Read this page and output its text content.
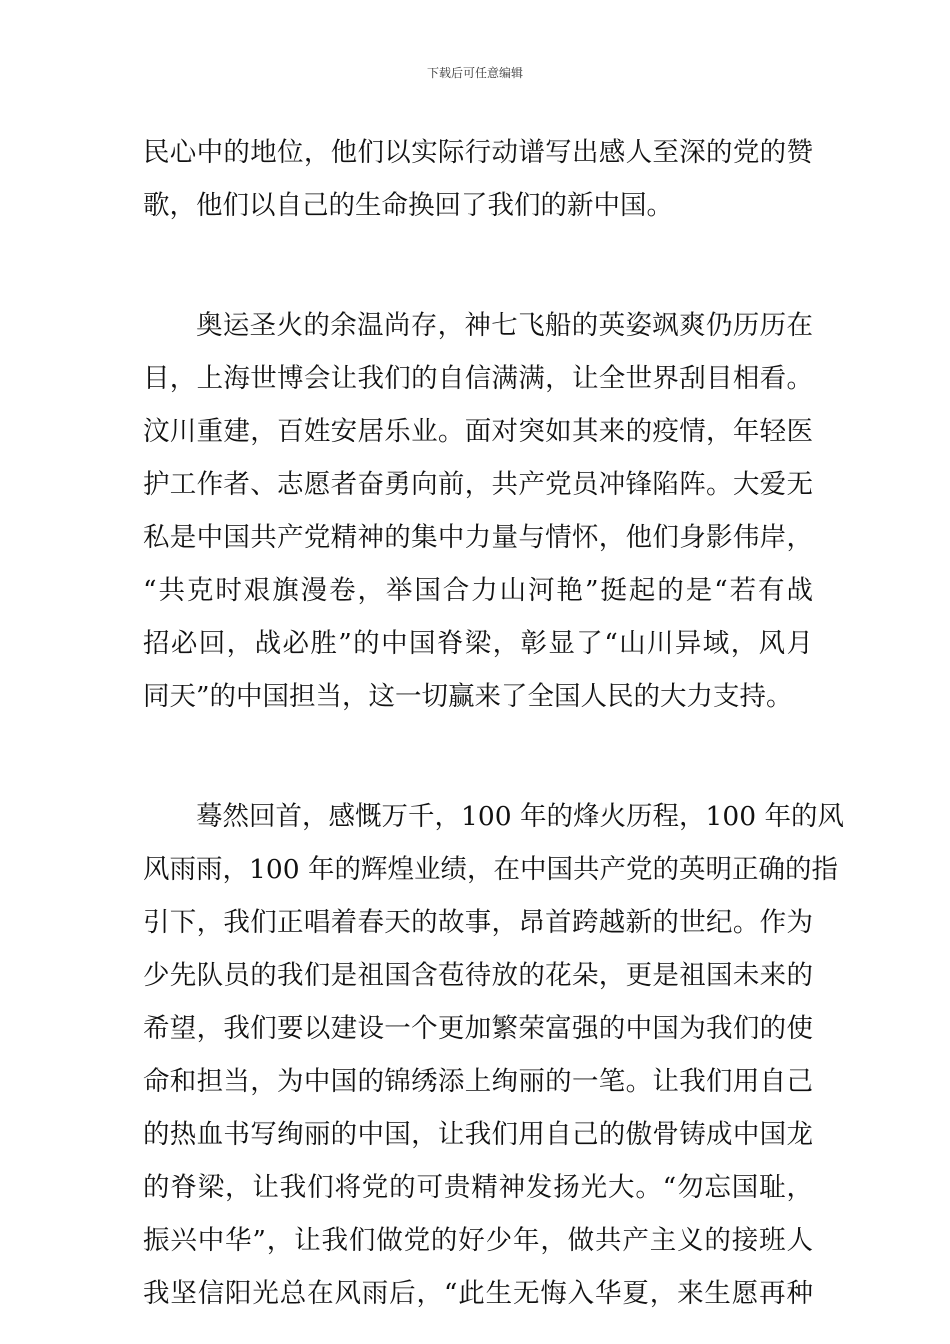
下载后可任意编辑
民心中的地位，他们以实际行动谱写出感人至深的党的赞
歌，他们以自己的生命换回了我们的新中国。
奥运圣火的余温尚存，神七飞船的英姿飒爽仍历历在
目，上海世博会让我们的自信满满，让全世界刮目相看。
汶川重建，百姓安居乐业。面对突如其来的疫情，年轻医
护工作者、志愿者奋勇向前，共产党员冲锋陷阵。大爱无
私是中国共产党精神的集中力量与情怀，他们身影伟岸，
“共克时艰旗漫卷，举国合力山河艳”挺起的是“若有战
招必回，战必胜”的中国脊梁，彰显了“山川异域，风月
同天”的中国担当，这一切赢来了全国人民的大力支持。
蓦然回首，感慨万千，100 年的烽火历程，100 年的风
风雨雨，100 年的辉煌业绩，在中国共产党的英明正确的指
引下，我们正唱着春天的故事，昂首跨越新的世纪。作为
少先队员的我们是祖国含苞待放的花朵，更是祖国未来的
希望，我们要以建设一个更加繁荣富强的中国为我们的使
命和担当，为中国的锦绣添上绚丽的一笔。让我们用自己
的热血书写绚丽的中国，让我们用自己的傲骨铸成中国龙
的脊梁，让我们将党的可贵精神发扬光大。“勿忘国耻，
振兴中华”，让我们做党的好少年，做共产主义的接班人
我坚信阳光总在风雨后，“此生无悔入华夏，来生愿再种
